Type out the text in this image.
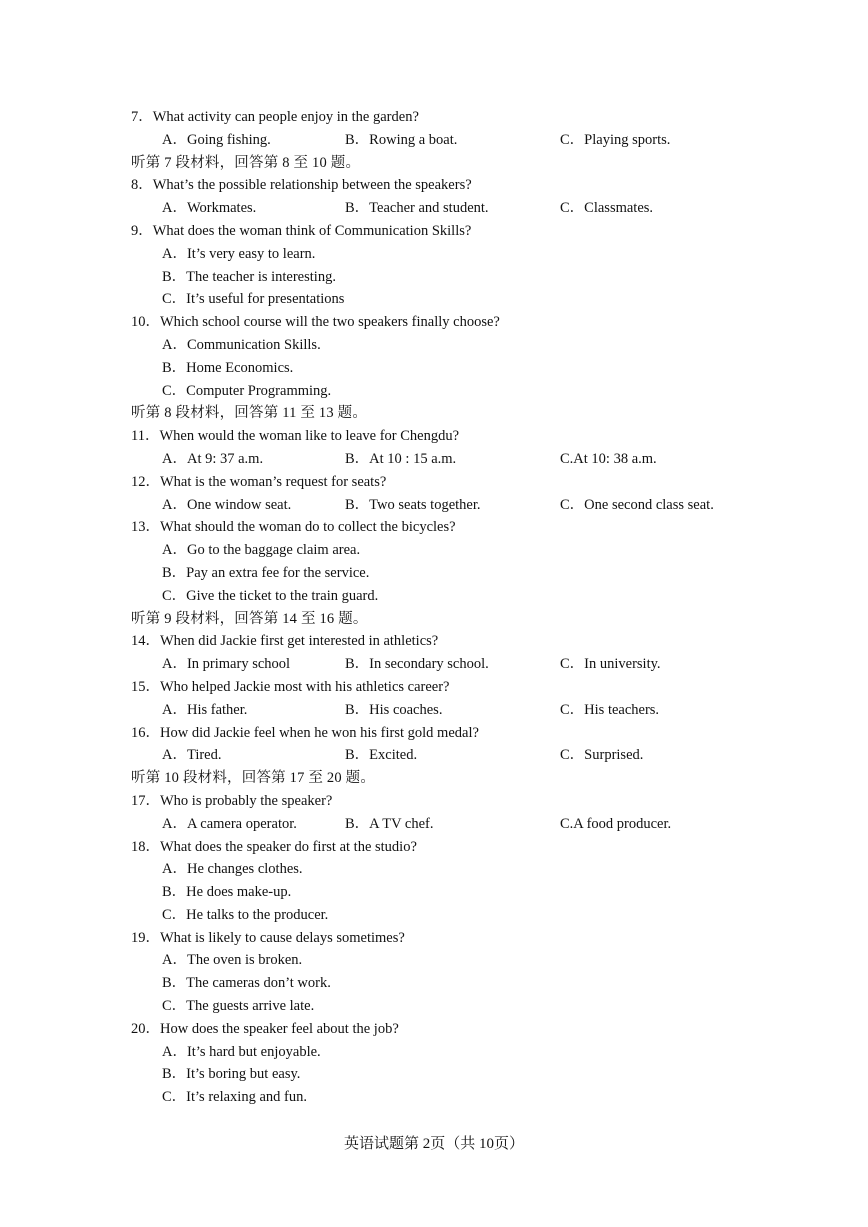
7．What activity can people enjoy in the garden?
A．Going fishing.	B．Rowing a boat.	C．Playing sports.
听第 7 段材料，回答第 8 至 10 题。
8．What’s the possible relationship between the speakers?
A．Workmates.	B．Teacher and student.	C．Classmates.
9．What does the woman think of Communication Skills?
A．It’s very easy to learn.
B．The teacher is interesting.
C．It’s useful for presentations
10．Which school course will the two speakers finally choose?
A．Communication Skills.
B．Home Economics.
C．Computer Programming.
听第 8 段材料，回答第 11 至 13 题。
11．When would the woman like to leave for Chengdu?
A．At 9: 37 a.m.	B．At 10 : 15 a.m.	C.At 10: 38 a.m.
12．What is the woman’s request for seats?
A．One window seat.	B．Two seats together.	C．One second class seat.
13．What should the woman do to collect the bicycles?
A．Go to the baggage claim area.
B．Pay an extra fee for the service.
C．Give the ticket to the train guard.
听第 9 段材料，回答第 14 至 16 题。
14．When did Jackie first get interested in athletics?
A．In primary school	B．In secondary school.	C．In university.
15．Who helped Jackie most with his athletics career?
A．His father.	B．His coaches.	C．His teachers.
16．How did Jackie feel when he won his first gold medal?
A．Tired.	B．Excited.	C．Surprised.
听第 10 段材料，回答第 17 至 20 题。
17．Who is probably the speaker?
A．A camera operator.	B．A TV chef.	C.A food producer.
18．What does the speaker do first at the studio?
A．He changes clothes.
B．He does make-up.
C．He talks to the producer.
19．What is likely to cause delays sometimes?
A．The oven is broken.
B．The cameras don’t work.
C．The guests arrive late.
20．How does the speaker feel about the job?
A．It’s hard but enjoyable.
B．It’s boring but easy.
C．It’s relaxing and fun.
英语试题第 2页（共 10页）
